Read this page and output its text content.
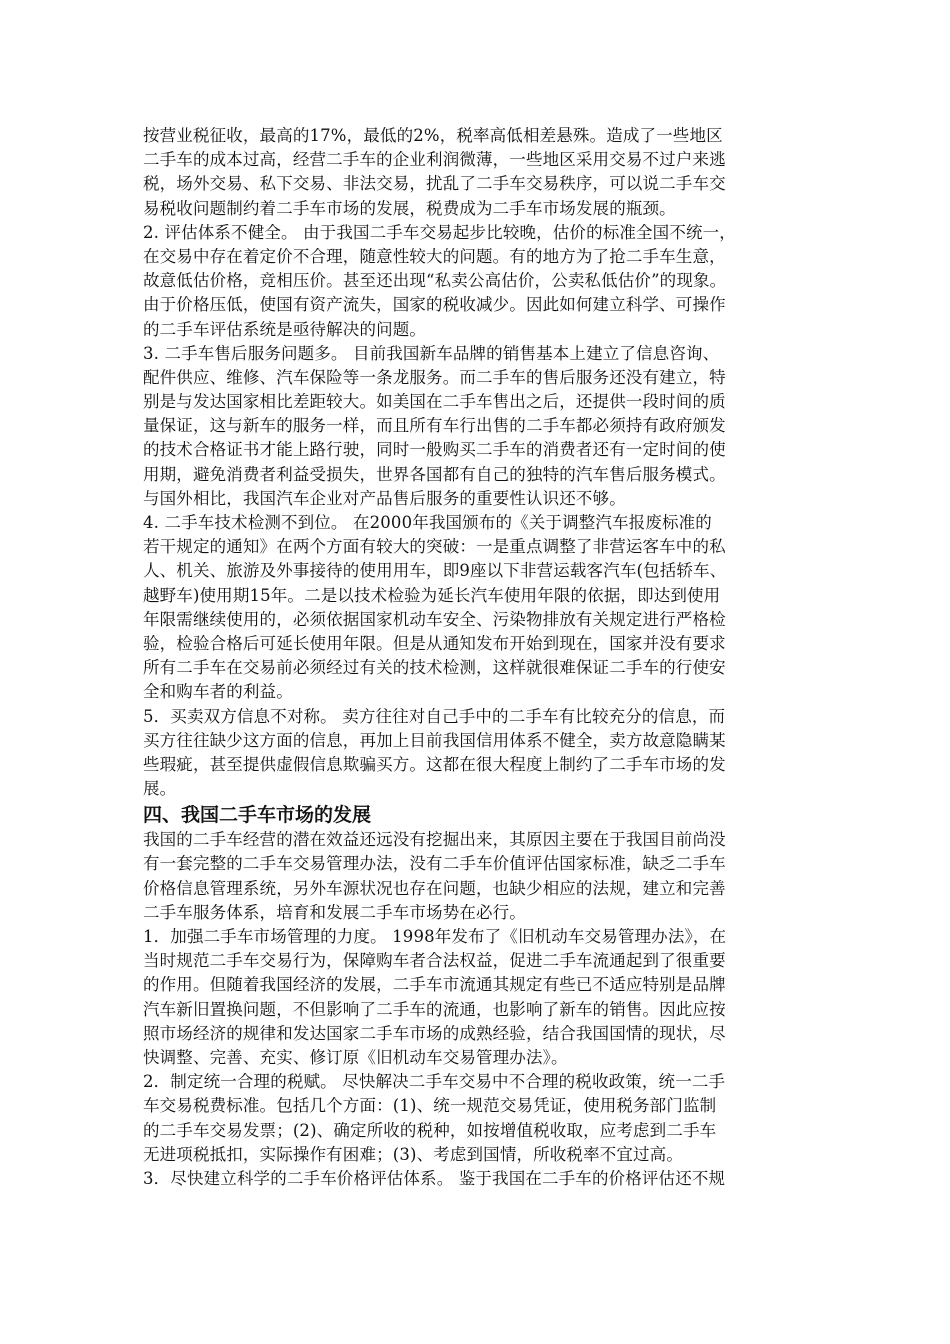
按营业税征收，最高的17%，最低的2%，税率高低相差悬殊。造成了一些地区
二手车的成本过高，经营二手车的企业利润微薄，一些地区采用交易不过户来逃
税，场外交易、私下交易、非法交易，扰乱了二手车交易秩序，可以说二手车交
易税收问题制约着二手车市场的发展，税费成为二手车市场发展的瓶颈。
2. 评估体系不健全。 由于我国二手车交易起步比较晚，估价的标准全国不统一，
在交易中存在着定价不合理，随意性较大的问题。有的地方为了抢二手车生意，
故意低估价格，竞相压价。甚至还出现“私卖公高估价，公卖私低估价”的现象。
由于价格压低，使国有资产流失，国家的税收减少。因此如何建立科学、可操作
的二手车评估系统是亟待解决的问题。
3. 二手车售后服务问题多。 目前我国新车品牌的销售基本上建立了信息咨询、
配件供应、维修、汽车保险等一条龙服务。而二手车的售后服务还没有建立，特
别是与发达国家相比差距较大。如美国在二手车售出之后，还提供一段时间的质
量保证，这与新车的服务一样，而且所有车行出售的二手车都必须持有政府颁发
的技术合格证书才能上路行驶，同时一般购买二手车的消费者还有一定时间的使
用期，避免消费者利益受损失，世界各国都有自己的独特的汽车售后服务模式。
与国外相比，我国汽车企业对产品售后服务的重要性认识还不够。
4. 二手车技术检测不到位。 在2000年我国颁布的《关于调整汽车报废标准的
若干规定的通知》在两个方面有较大的突破：一是重点调整了非营运客车中的私
人、机关、旅游及外事接待的使用用车，即9座以下非营运载客汽车(包括轿车、
越野车)使用期15年。二是以技术检验为延长汽车使用年限的依据，即达到使用
年限需继续使用的，必须依据国家机动车安全、污染物排放有关规定进行严格检
验，检验合格后可延长使用年限。但是从通知发布开始到现在，国家并没有要求
所有二手车在交易前必须经过有关的技术检测，这样就很难保证二手车的行使安
全和购车者的利益。
5．买卖双方信息不对称。 卖方往往对自己手中的二手车有比较充分的信息，而
买方往往缺少这方面的信息，再加上目前我国信用体系不健全，卖方故意隐瞒某
些瑕疵，甚至提供虚假信息欺骗买方。这都在很大程度上制约了二手车市场的发
展。
四、我国二手车市场的发展
我国的二手车经营的潜在效益还远没有挖掘出来，其原因主要在于我国目前尚没
有一套完整的二手车交易管理办法，没有二手车价值评估国家标准，缺乏二手车
价格信息管理系统，另外车源状况也存在问题，也缺少相应的法规，建立和完善
二手车服务体系，培育和发展二手车市场势在必行。
1．加强二手车市场管理的力度。 1998年发布了《旧机动车交易管理办法》，在
当时规范二手车交易行为，保障购车者合法权益，促进二手车流通起到了很重要
的作用。但随着我国经济的发展，二手车市流通其规定有些已不适应特别是品牌
汽车新旧置换问题，不但影响了二手车的流通，也影响了新车的销售。因此应按
照市场经济的规律和发达国家二手车市场的成熟经验，结合我国国情的现状，尽
快调整、完善、充实、修订原《旧机动车交易管理办法》。
2．制定统一合理的税赋。 尽快解决二手车交易中不合理的税收政策，统一二手
车交易税费标准。包括几个方面：(1)、统一规范交易凭证，使用税务部门监制
的二手车交易发票；(2)、确定所收的税种，如按增值税收取，应考虑到二手车
无进项税抵扣，实际操作有困难；(3)、考虑到国情，所收税率不宜过高。
3．尽快建立科学的二手车价格评估体系。 鉴于我国在二手车的价格评估还不规
